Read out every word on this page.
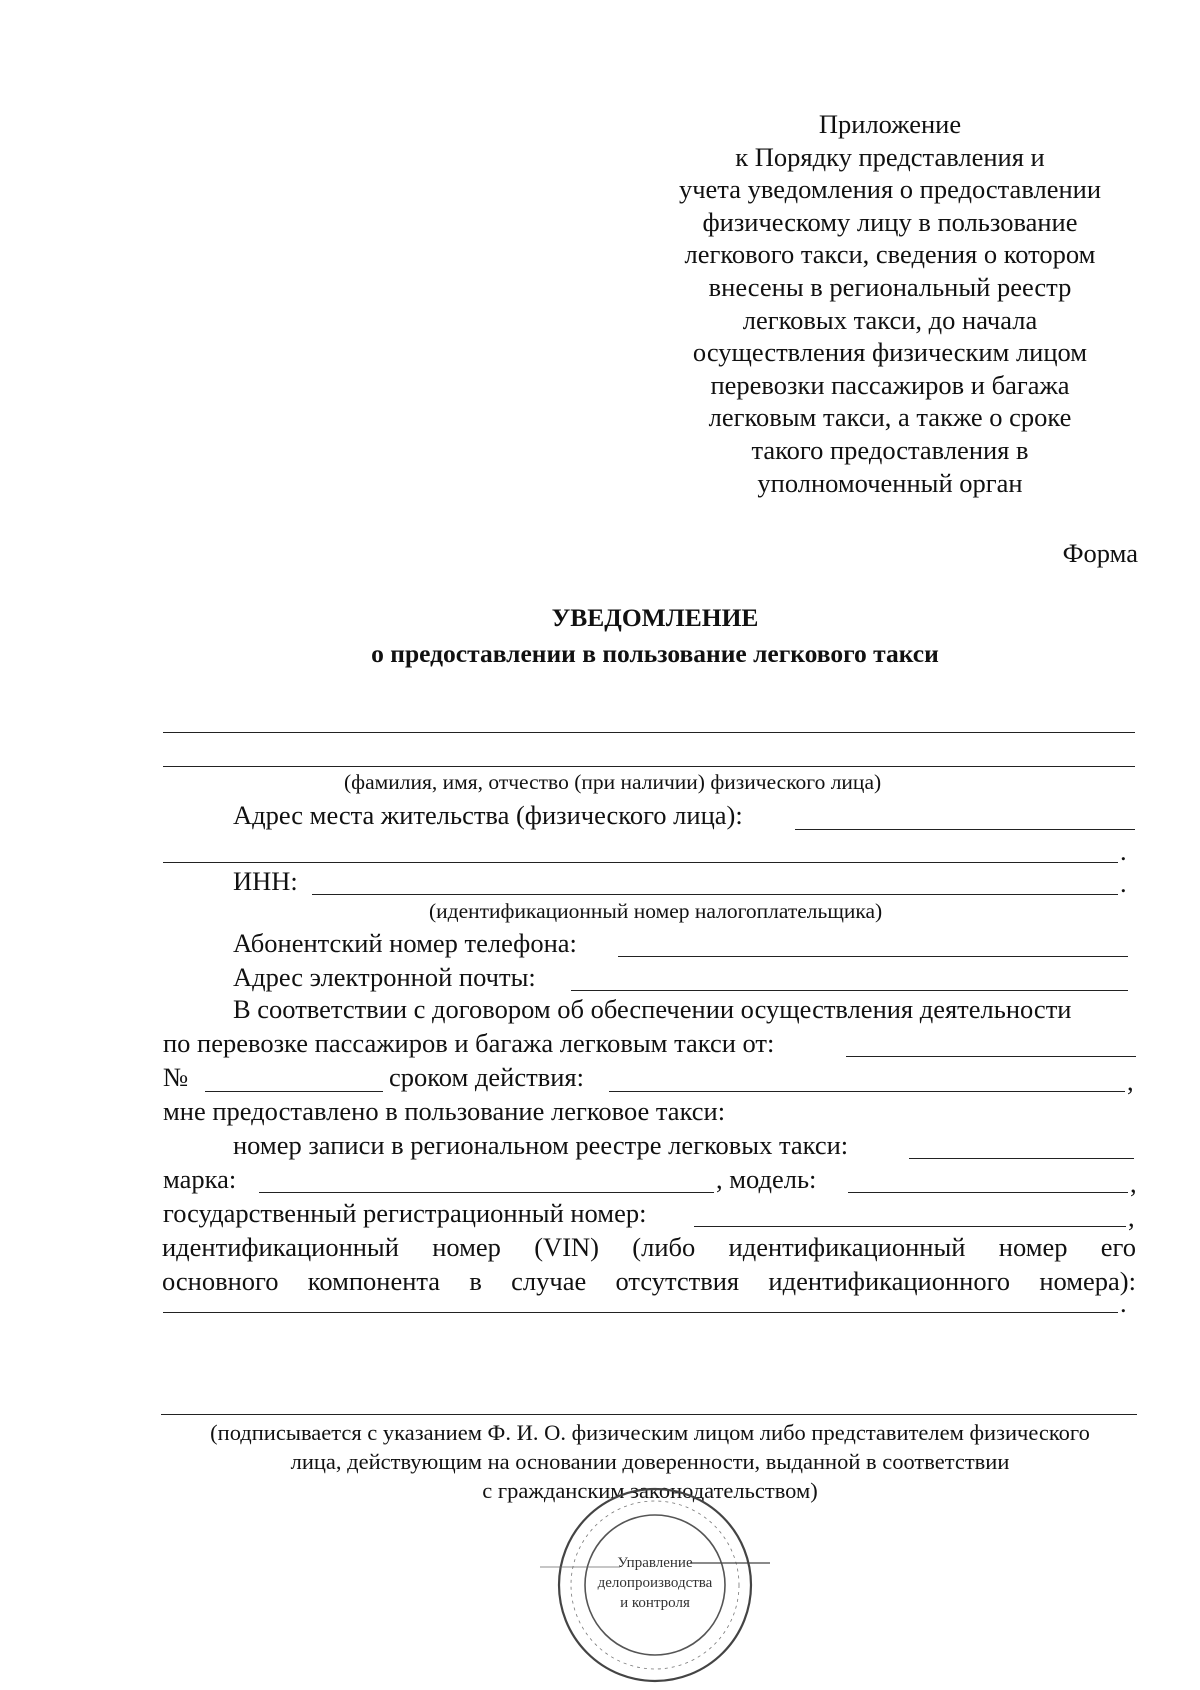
Приложение
к Порядку представления и
учета уведомления о предоставлении
физическому лицу в пользование
легкового такси, сведения о котором
внесены в региональный реестр
легковых такси, до начала
осуществления физическим лицом
перевозки пассажиров и багажа
легковым такси, а также о сроке
такого предоставления в
уполномоченный орган
Форма
УВЕДОМЛЕНИЕ
о предоставлении в пользование легкового такси
(фамилия, имя, отчество (при наличии) физического лица)
Адрес места жительства (физического лица):
.
ИНН:	.
(идентификационный номер налогоплательщика)
Абонентский номер телефона:
Адрес электронной почты:
В соответствии с договором об обеспечении осуществления деятельности
по перевозке пассажиров и багажа легковым такси от:
№	сроком действия:	,
мне предоставлено в пользование легковое такси:
номер записи в региональном реестре легковых такси:
марка:	, модель:	,
государственный регистрационный номер:	,
идентификационный номер (VIN) (либо идентификационный номер его
основного компонента в случае отсутствия идентификационного номера):
.
(подписывается с указанием Ф. И. О. физическим лицом либо представителем физического
лица, действующим на основании доверенности, выданной в соответствии
с гражданским законодательством)
Управление
делопроизводства
и контроля
